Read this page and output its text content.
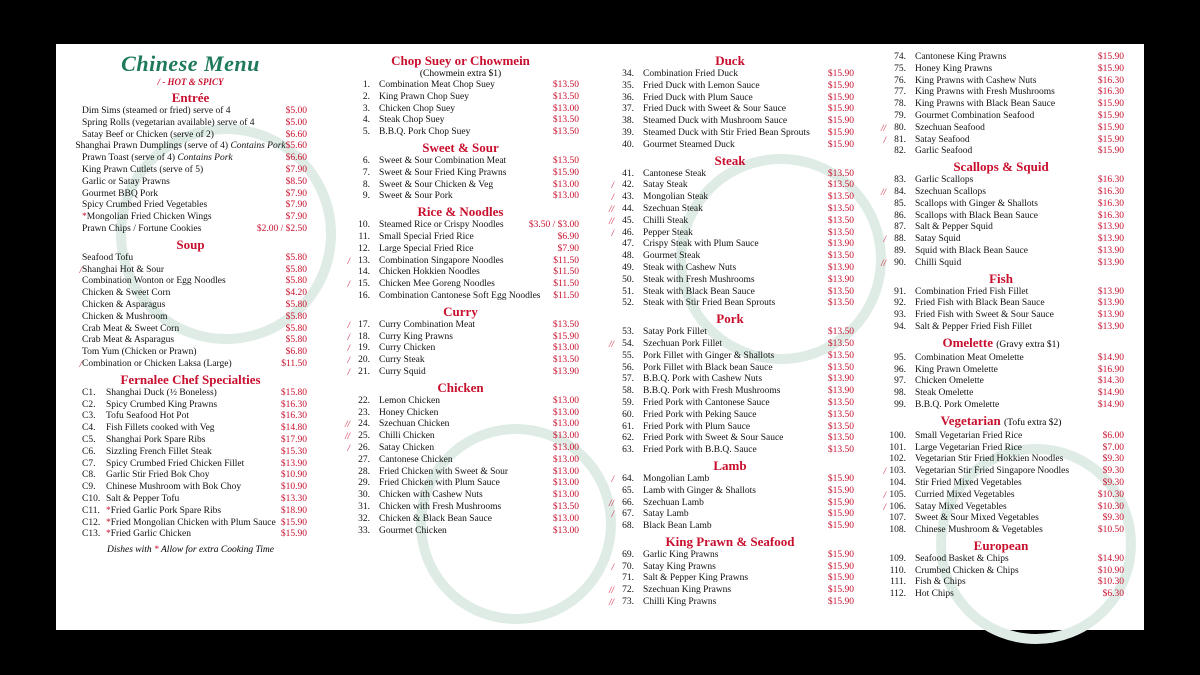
Chinese Menu
/ - HOT & SPICY
Entrée
Dim Sims (steamed or fried) serve of 4	$5.00
Spring Rolls (vegetarian available) serve of 4	$5.00
Satay Beef or Chicken (serve of 2)	$6.60
Shanghai Prawn Dumplings (serve of 4) Contains Pork $5.60
Prawn Toast (serve of 4) Contains Pork	$6.60
King Prawn Cutlets (serve of 5)	$7.90
Garlic or Satay Prawns	$8.50
Gourmet BBQ Pork	$7.90
Spicy Crumbed Fried Vegetables	$7.90
*Mongolian Fried Chicken Wings	$7.90
Prawn Chips / Fortune Cookies	$2.00 / $2.50
Soup
Seafood Tofu	$5.80
/ Shanghai Hot & Sour	$5.80
Combination Wonton or Egg Noodles	$5.80
Chicken & Sweet Corn	$4.20
Chicken & Asparagus	$5.80
Chicken & Mushroom	$5.80
Crab Meat & Sweet Corn	$5.80
Crab Meat & Asparagus	$5.80
Tom Yum (Chicken or Prawn)	$6.80
/ Combination or Chicken Laksa (Large)	$11.50
Fernalee Chef Specialties
C1.	Shanghai Duck (½ Boneless)	$15.80
C2.	Spicy Crumbed King Prawns	$16.30
C3.	Tofu Seafood Hot Pot	$16.30
C4.	Fish Fillets cooked with Veg	$14.80
C5.	Shanghai Pork Spare Ribs	$17.90
C6.	Sizzling French Fillet Steak	$15.30
C7.	Spicy Crumbed Fried Chicken Fillet	$13.90
C8.	Garlic Stir Fried Bok Choy	$10.90
C9.	Chinese Mushroom with Bok Choy	$10.90
C10. Salt & Pepper Tofu	$13.30
C11. *Fried Garlic Pork Spare Ribs	$18.90
C12. *Fried Mongolian Chicken with Plum Sauce $15.90
C13. *Fried Garlic Chicken	$15.90
Dishes with * Allow for extra Cooking Time
Chop Suey or Chowmein
(Chowmein extra $1)
1. Combination Meat Chop Suey	$13.50
2. King Prawn Chop Suey	$13.50
3. Chicken Chop Suey	$13.00
4. Steak Chop Suey	$13.50
5. B.B.Q. Pork Chop Suey	$13.50
Sweet & Sour
6. Sweet & Sour Combination Meat	$13.50
7. Sweet & Sour Fried King Prawns	$15.90
8. Sweet & Sour Chicken & Veg	$13.00
9. Sweet & Sour Pork	$13.00
Rice & Noodles
10. Steamed Rice or Crispy Noodles	$3.50 / $3.00
11. Small Special Fried Rice	$6.90
12. Large Special Fried Rice	$7.90
/ 13. Combination Singapore Noodles	$11.50
14. Chicken Hokkien Noodles	$11.50
/ 15. Chicken Mee Goreng Noodles	$11.50
16. Combination Cantonese Soft Egg Noodles	$11.50
Curry
/ 17. Curry Combination Meat	$13.50
/ 18. Curry King Prawns	$15.90
/ 19. Curry Chicken	$13.00
/ 20. Curry Steak	$13.50
/ 21. Curry Squid	$13.90
Chicken
22. Lemon Chicken	$13.00
23. Honey Chicken	$13.00
// 24. Szechuan Chicken	$13.00
// 25. Chilli Chicken	$13.00
/ 26. Satay Chicken	$13.00
27. Cantonese Chicken	$13.00
28. Fried Chicken with Sweet & Sour	$13.00
29. Fried Chicken with Plum Sauce	$13.00
30. Chicken with Cashew Nuts	$13.00
31. Chicken with Fresh Mushrooms	$13.50
32. Chicken & Black Bean Sauce	$13.00
33. Gourmet Chicken	$13.00
Duck
34. Combination Fried Duck	$15.90
35. Fried Duck with Lemon Sauce	$15.90
36. Fried Duck with Plum Sauce	$15.90
37. Fried Duck with Sweet & Sour Sauce	$15.90
38. Steamed Duck with Mushroom Sauce	$15.90
39. Steamed Duck with Stir Fried Bean Sprouts	$15.90
40. Gourmet Steamed Duck	$15.90
Steak
41. Cantonese Steak	$13.50
/ 42. Satay Steak	$13.50
/ 43. Mongolian Steak	$13.50
// 44. Szechuan Steak	$13.50
// 45. Chilli Steak	$13.50
/ 46. Pepper Steak	$13.50
47. Crispy Steak with Plum Sauce	$13.90
48. Gourmet Steak	$13.50
49. Steak with Cashew Nuts	$13.90
50. Steak with Fresh Mushrooms	$13.90
51. Steak with Black Bean Sauce	$13.50
52. Steak with Stir Fried Bean Sprouts	$13.50
Pork
53. Satay Pork Fillet	$13.50
// 54. Szechuan Pork Fillet	$13.50
55. Pork Fillet with Ginger & Shallots	$13.50
56. Pork Fillet with Black bean Sauce	$13.50
57. B.B.Q. Pork with Cashew Nuts	$13.90
58. B.B.Q. Pork with Fresh Mushrooms	$13.90
59. Fried Pork with Cantonese Sauce	$13.50
60. Fried Pork with Peking Sauce	$13.50
61. Fried Pork with Plum Sauce	$13.50
62. Fried Pork with Sweet & Sour Sauce	$13.50
63. Fried Pork with B.B.Q. Sauce	$13.50
Lamb
/ 64. Mongolian Lamb	$15.90
65. Lamb with Ginger & Shallots	$15.90
// 66. Szechuan Lamb	$15.90
/ 67. Satay Lamb	$15.90
68. Black Bean Lamb	$15.90
King Prawn & Seafood
69. Garlic King Prawns	$15.90
/ 70. Satay King Prawns	$15.90
71. Salt & Pepper King Prawns	$15.90
// 72. Szechuan King Prawns	$15.90
// 73. Chilli King Prawns	$15.90
74. Cantonese King Prawns	$15.90
75. Honey King Prawns	$15.90
76. King Prawns with Cashew Nuts	$16.30
77. King Prawns with Fresh Mushrooms	$16.30
78. King Prawns with Black Bean Sauce	$15.90
79. Gourmet Combination Seafood	$15.90
// 80. Szechuan Seafood	$15.90
/ 81. Satay Seafood	$15.90
82. Garlic Seafood	$15.90
Scallops & Squid
83. Garlic Scallops	$16.30
// 84. Szechuan Scallops	$16.30
85. Scallops with Ginger & Shallots	$16.30
86. Scallops with Black Bean Sauce	$16.30
87. Salt & Pepper Squid	$13.90
/ 88. Satay Squid	$13.90
89. Squid with Black Bean Sauce	$13.90
// 90. Chilli Squid	$13.90
Fish
91. Combination Fried Fish Fillet	$13.90
92. Fried Fish with Black Bean Sauce	$13.90
93. Fried Fish with Sweet & Sour Sauce	$13.90
94. Salt & Pepper Fried Fish Fillet	$13.90
Omelette (Gravy extra $1)
95. Combination Meat Omelette	$14.90
96. King Prawn Omelette	$16.90
97. Chicken Omelette	$14.30
98. Steak Omelette	$14.90
99. B.B.Q. Pork Omelette	$14.90
Vegetarian (Tofu extra $2)
100. Small Vegetarian Fried Rice	$6.00
101. Large Vegetarian Fried Rice	$7.00
102. Vegetarian Stir Fried Hokkien Noodles	$9.30
/ 103. Vegetarian Stir Fried Singapore Noodles	$9.30
104. Stir Fried Mixed Vegetables	$9.30
/ 105. Curried Mixed Vegetables	$10.30
/ 106. Satay Mixed Vegetables	$10.30
107. Sweet & Sour Mixed Vegetables	$9.30
108. Chinese Mushroom & Vegetables	$10.50
European
109. Seafood Basket & Chips	$14.90
110. Crumbed Chicken & Chips	$10.90
111. Fish & Chips	$10.30
112. Hot Chips	$6.30
